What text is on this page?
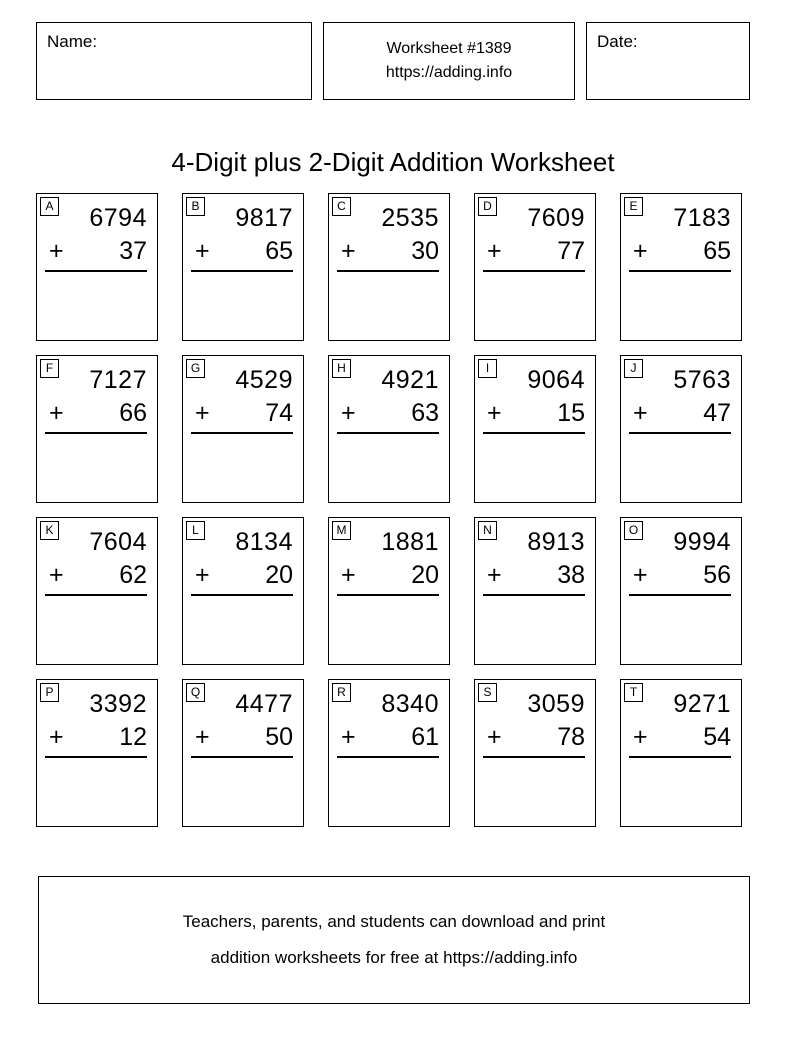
Name:	Worksheet #1389
https://adding.info
Date:
4-Digit plus 2-Digit Addition Worksheet
A	6794
+ 37
B	9817
+ 65
C	2535
+ 30
D	7609
+ 77
E	7183
+ 65
F	7127
+ 66
G	4529
+ 74
H	4921
+ 63
I	9064
+ 15
J	5763
+ 47
K	7604
+ 62
L	8134
+ 20
M	1881
+ 20
N	8913
+ 38
O	9994
+ 56
P	3392
+ 12
Q	4477
+ 50
R	8340
+ 61
S	3059
+ 78
T	9271
+ 54
Teachers, parents, and students can download and print
addition worksheets for free at https://adding.info
